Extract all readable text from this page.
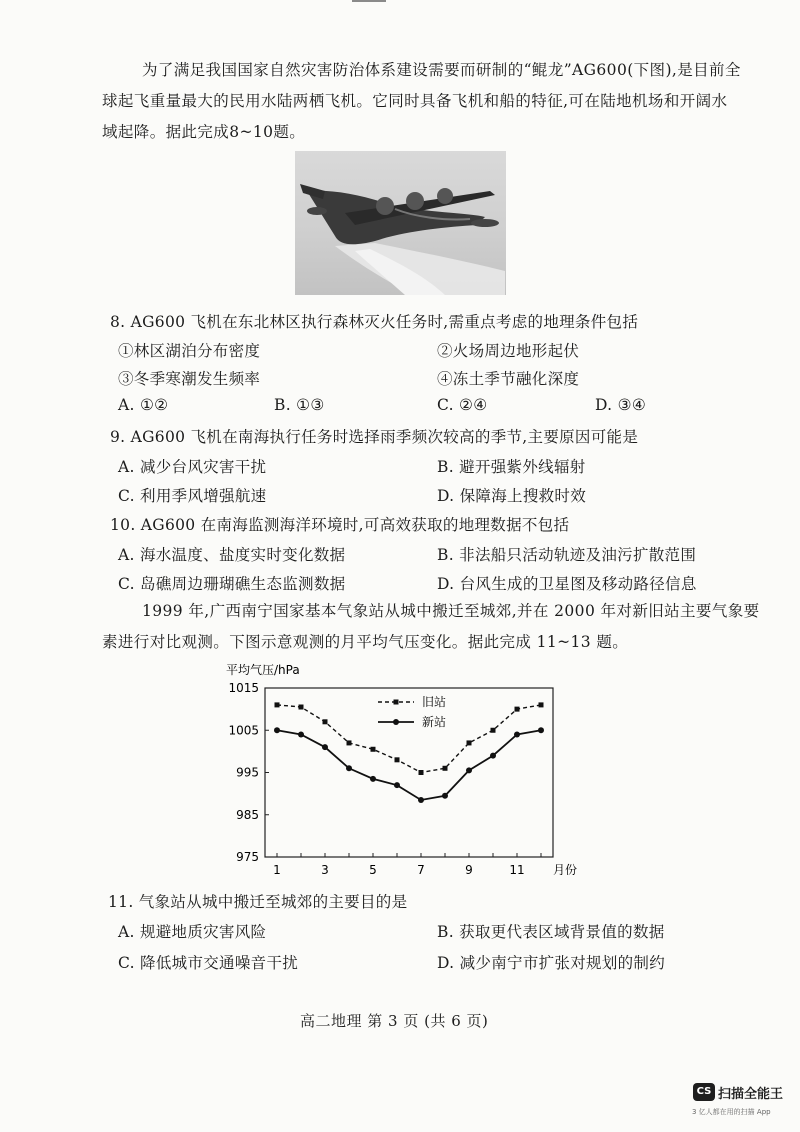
为了满足我国国家自然灾害防治体系建设需要而研制的“鲲龙”AG600(下图),是目前全
球起飞重量最大的民用水陆两栖飞机。它同时具备飞机和船的特征,可在陆地机场和开阔水
域起降。据此完成8~10题。
8. AG600 飞机在东北林区执行森林灭火任务时,需重点考虑的地理条件包括
①林区湖泊分布密度	②火场周边地形起伏
③冬季寒潮发生频率	④冻土季节融化深度
A. ①②	B. ①③	C. ②④	D. ③④
9. AG600 飞机在南海执行任务时选择雨季频次较高的季节,主要原因可能是
A. 减少台风灾害干扰	B. 避开强紫外线辐射
C. 利用季风增强航速	D. 保障海上搜救时效
10. AG600 在南海监测海洋环境时,可高效获取的地理数据不包括
A. 海水温度、盐度实时变化数据	B. 非法船只活动轨迹及油污扩散范围
C. 岛礁周边珊瑚礁生态监测数据	D. 台风生成的卫星图及移动路径信息
1999 年,广西南宁国家基本气象站从城中搬迁至城郊,并在 2000 年对新旧站主要气象要
素进行对比观测。下图示意观测的月平均气压变化。据此完成 11~13 题。
平均气压/hPa
1015
1005
995
985
975
1	3	5	7	9	11 月份
旧站
新站
11. 气象站从城中搬迁至城郊的主要目的是
A. 规避地质灾害风险	B. 获取更代表区域背景值的数据
C. 降低城市交通噪音干扰	D. 减少南宁市扩张对规划的制约
高二地理 第 3 页 (共 6 页)
CS 扫描全能王
3 亿人都在用的扫描 App
